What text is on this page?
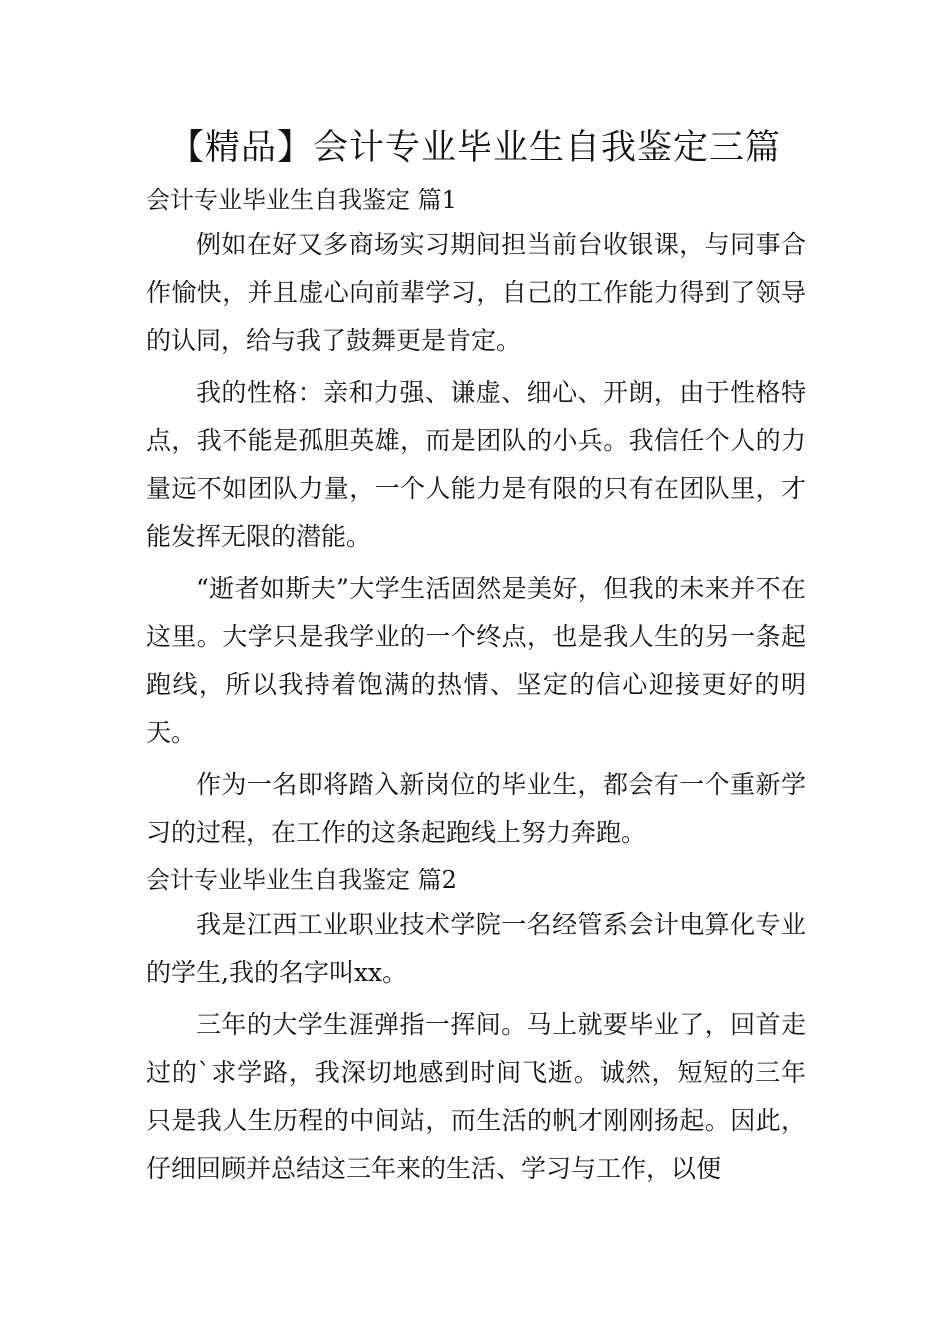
【精品】会计专业毕业生自我鉴定三篇

会计专业毕业生自我鉴定 篇1

例如在好又多商场实习期间担当前台收银课，与同事合作愉快，并且虚心向前辈学习，自己的工作能力得到了领导的认同，给与我了鼓舞更是肯定。

我的性格：亲和力强、谦虚、细心、开朗，由于性格特点，我不能是孤胆英雄，而是团队的小兵。我信任个人的力量远不如团队力量，一个人能力是有限的只有在团队里，才能发挥无限的潜能。

“逝者如斯夫”大学生活固然是美好，但我的未来并不在这里。大学只是我学业的一个终点，也是我人生的另一条起跑线，所以我持着饱满的热情、坚定的信心迎接更好的明天。

作为一名即将踏入新岗位的毕业生，都会有一个重新学习的过程，在工作的这条起跑线上努力奔跑。

会计专业毕业生自我鉴定 篇2

我是江西工业职业技术学院一名经管系会计电算化专业的学生,我的名字叫xx。

三年的大学生涯弹指一挥间。马上就要毕业了，回首走过的`求学路，我深切地感到时间飞逝。诚然，短短的三年只是我人生历程的中间站，而生活的帆才刚刚扬起。因此，仔细回顾并总结这三年来的生活、学习与工作，以便
